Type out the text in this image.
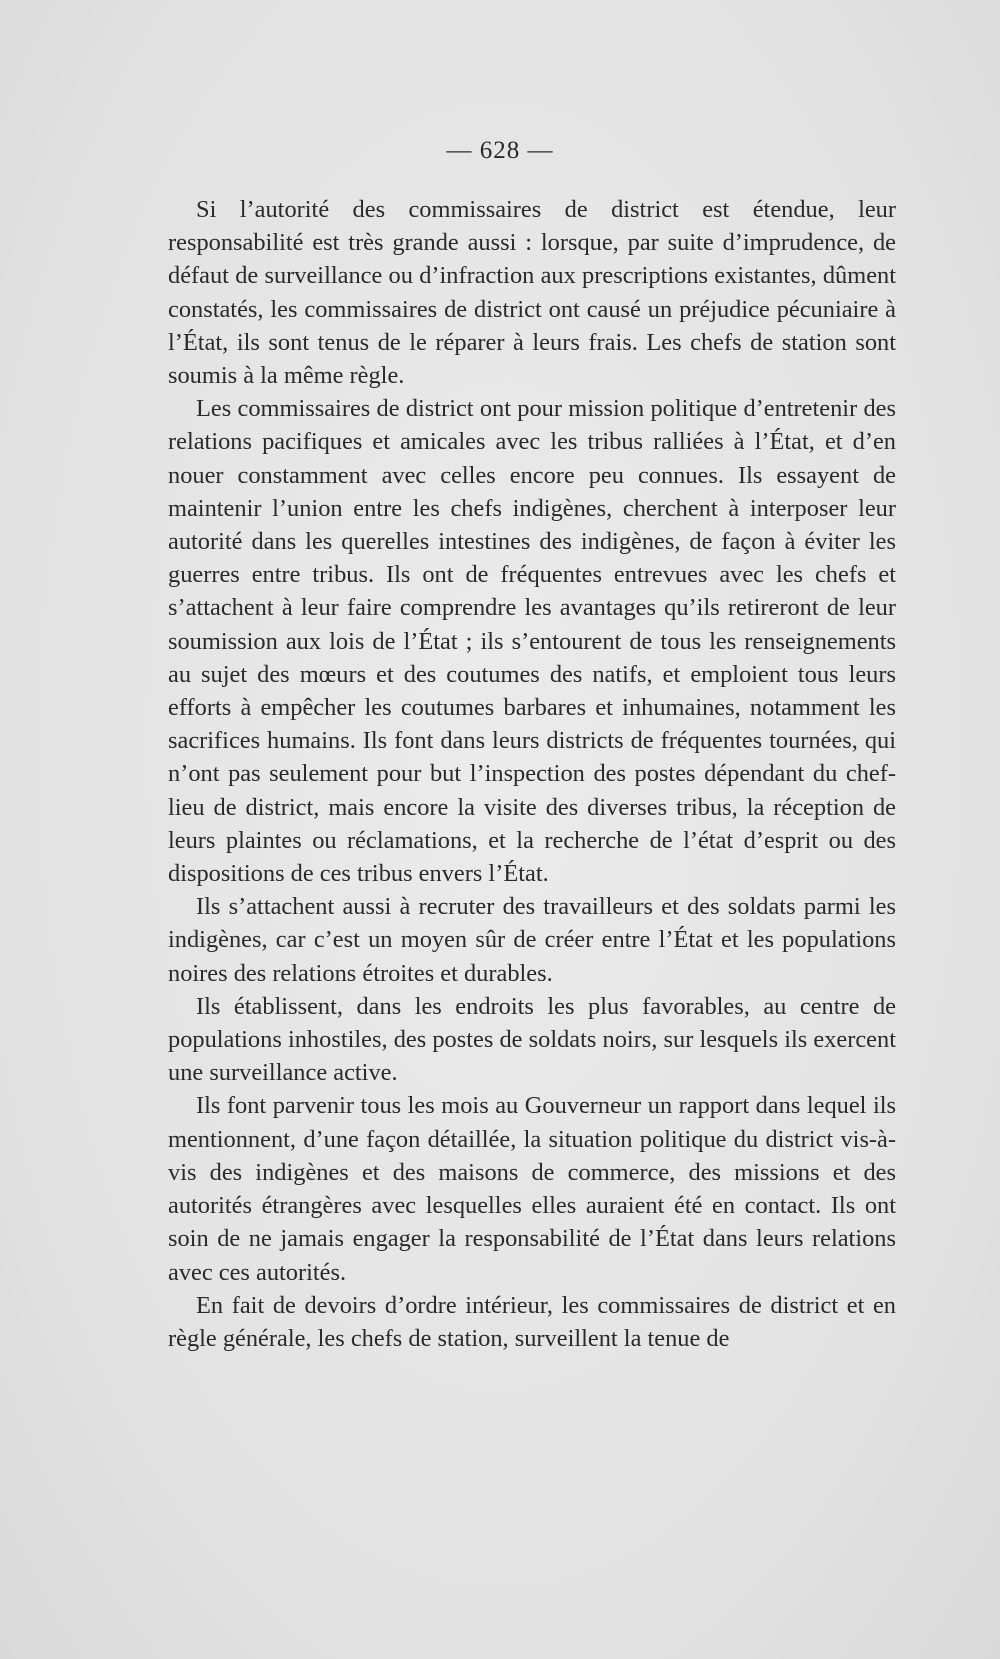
— 628 —

Si l’autorité des commissaires de district est étendue, leur responsabilité est très grande aussi : lorsque, par suite d’imprudence, de défaut de surveillance ou d’infraction aux prescriptions existantes, dûment constatés, les commissaires de district ont causé un préjudice pécuniaire à l’État, ils sont tenus de le réparer à leurs frais. Les chefs de station sont soumis à la même règle.

Les commissaires de district ont pour mission politique d’entretenir des relations pacifiques et amicales avec les tribus ralliées à l’État, et d’en nouer constamment avec celles encore peu connues. Ils essayent de maintenir l’union entre les chefs indigènes, cherchent à interposer leur autorité dans les querelles intestines des indigènes, de façon à éviter les guerres entre tribus. Ils ont de fréquentes entrevues avec les chefs et s’attachent à leur faire comprendre les avantages qu’ils retireront de leur soumission aux lois de l’État ; ils s’entourent de tous les renseignements au sujet des mœurs et des coutumes des natifs, et emploient tous leurs efforts à empêcher les coutumes barbares et inhumaines, notamment les sacrifices humains. Ils font dans leurs districts de fréquentes tournées, qui n’ont pas seulement pour but l’inspection des postes dépendant du chef-lieu de district, mais encore la visite des diverses tribus, la réception de leurs plaintes ou réclamations, et la recherche de l’état d’esprit ou des dispositions de ces tribus envers l’État.

Ils s’attachent aussi à recruter des travailleurs et des soldats parmi les indigènes, car c’est un moyen sûr de créer entre l’État et les populations noires des relations étroites et durables.

Ils établissent, dans les endroits les plus favorables, au centre de populations inhostiles, des postes de soldats noirs, sur lesquels ils exercent une surveillance active.

Ils font parvenir tous les mois au Gouverneur un rapport dans lequel ils mentionnent, d’une façon détaillée, la situation politique du district vis-à-vis des indigènes et des maisons de commerce, des missions et des autorités étrangères avec lesquelles elles auraient été en contact. Ils ont soin de ne jamais engager la responsabilité de l’État dans leurs relations avec ces autorités.

En fait de devoirs d’ordre intérieur, les commissaires de district et en règle générale, les chefs de station, surveillent la tenue de
